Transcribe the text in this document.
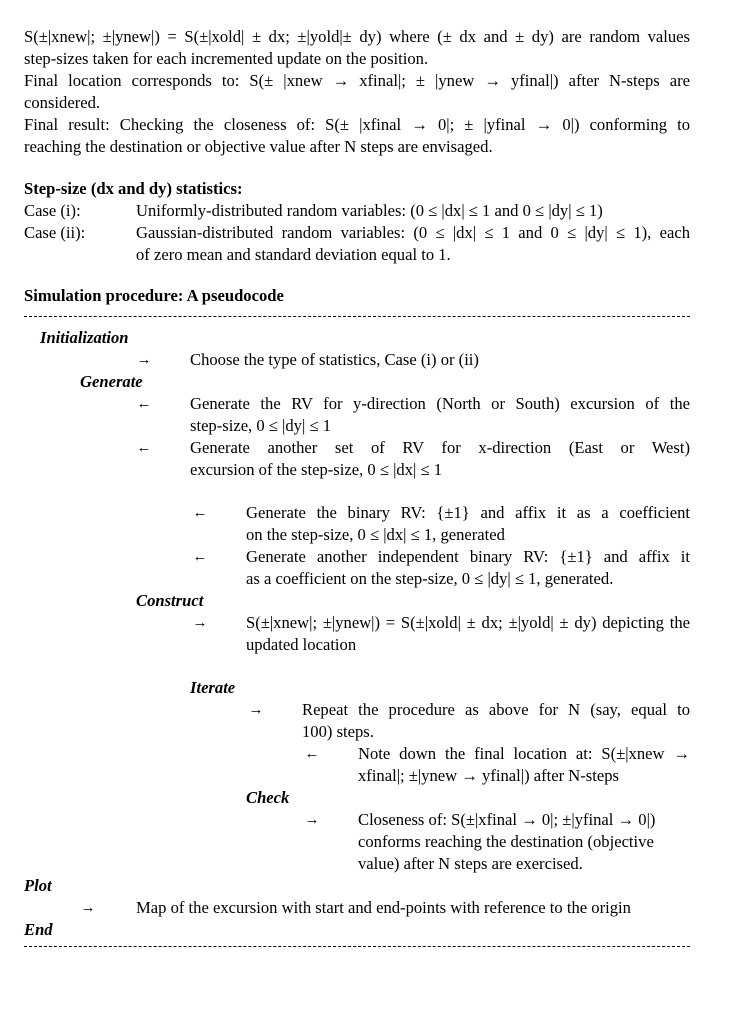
S(±|xnew|; ±|ynew|) = S(±|xold| ± dx; ±|yold|± dy) where (± dx and ± dy) are random values
step-sizes taken for each incremented update on the position.
Final location corresponds to: S(± |xnew → xfinal|; ± |ynew → yfinal|) after N-steps are
considered.
Final result: Checking the closeness of: S(± |xfinal → 0|; ± |yfinal → 0|) conforming to
reaching the destination or objective value after N steps are envisaged.
Step-size (dx and dy) statistics:
Case (i):	Uniformly-distributed random variables: (0 ≤ |dx| ≤ 1 and 0 ≤ |dy| ≤ 1)
Case (ii):	Gaussian-distributed random variables: (0 ≤ |dx| ≤ 1 and 0 ≤ |dy| ≤ 1), each
of zero mean and standard deviation equal to 1.
Simulation procedure: A pseudocode
Initialization
→ Choose the type of statistics, Case (i) or (ii)
Generate
← Generate the RV for y-direction (North or South) excursion of the
step-size, 0 ≤ |dy| ≤ 1
← Generate another set of RV for x-direction (East or West)
excursion of the step-size, 0 ≤ |dx| ≤ 1
← Generate the binary RV: {±1} and affix it as a coefficient
on the step-size, 0 ≤ |dx| ≤ 1, generated
← Generate another independent binary RV: {±1} and affix it
as a coefficient on the step-size, 0 ≤ |dy| ≤ 1, generated.
Construct
→ S(±|xnew|; ±|ynew|) = S(±|xold| ± dx; ±|yold| ± dy) depicting the
updated location
Iterate
→ Repeat the procedure as above for N (say, equal to
100) steps.
← Note down the final location at: S(±|xnew →
xfinal|; ±|ynew → yfinal|) after N-steps
Check
→ Closeness of: S(±|xfinal → 0|; ±|yfinal → 0|)
conforms reaching the destination (objective
value) after N steps are exercised.
Plot
→ Map of the excursion with start and end-points with reference to the origin
End
